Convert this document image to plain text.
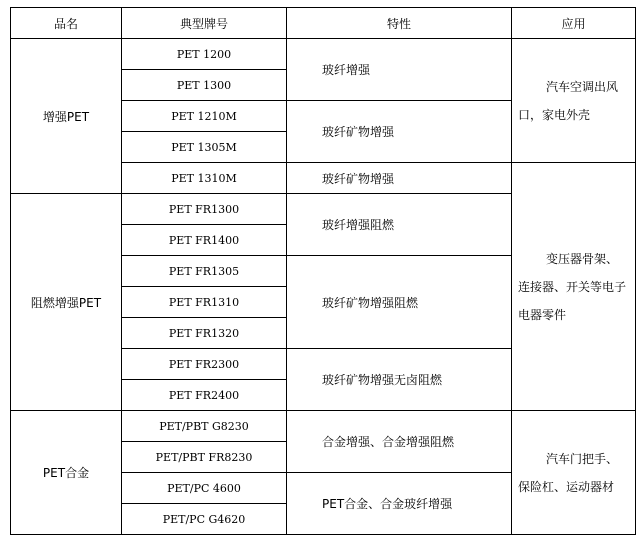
品名	典型牌号	特性	应用
增强PET	PET 1200	玻纤增强	汽车空调出风
口，家电外壳

	PET 1300		
	PET 1210M	玻纤矿物增强	
	PET 1305M		
	PET 1310M	玻纤矿物增强	变压器骨架、
连接器、开关等电子
电器零件

阻燃增强PET	PET FR1300	玻纤增强阻燃	
	PET FR1400		
	PET FR1305	玻纤矿物增强阻燃	
	PET FR1310		
	PET FR1320		
	PET FR2300	玻纤矿物增强无卤阻燃	
	PET FR2400		
PET合金	PET/PBT G8230	合金增强、合金增强阻燃	汽车门把手、
保险杠、运动器材

	PET/PBT FR8230		
	PET/PC 4600	PET合金、合金玻纤增强	
	PET/PC G4620		
